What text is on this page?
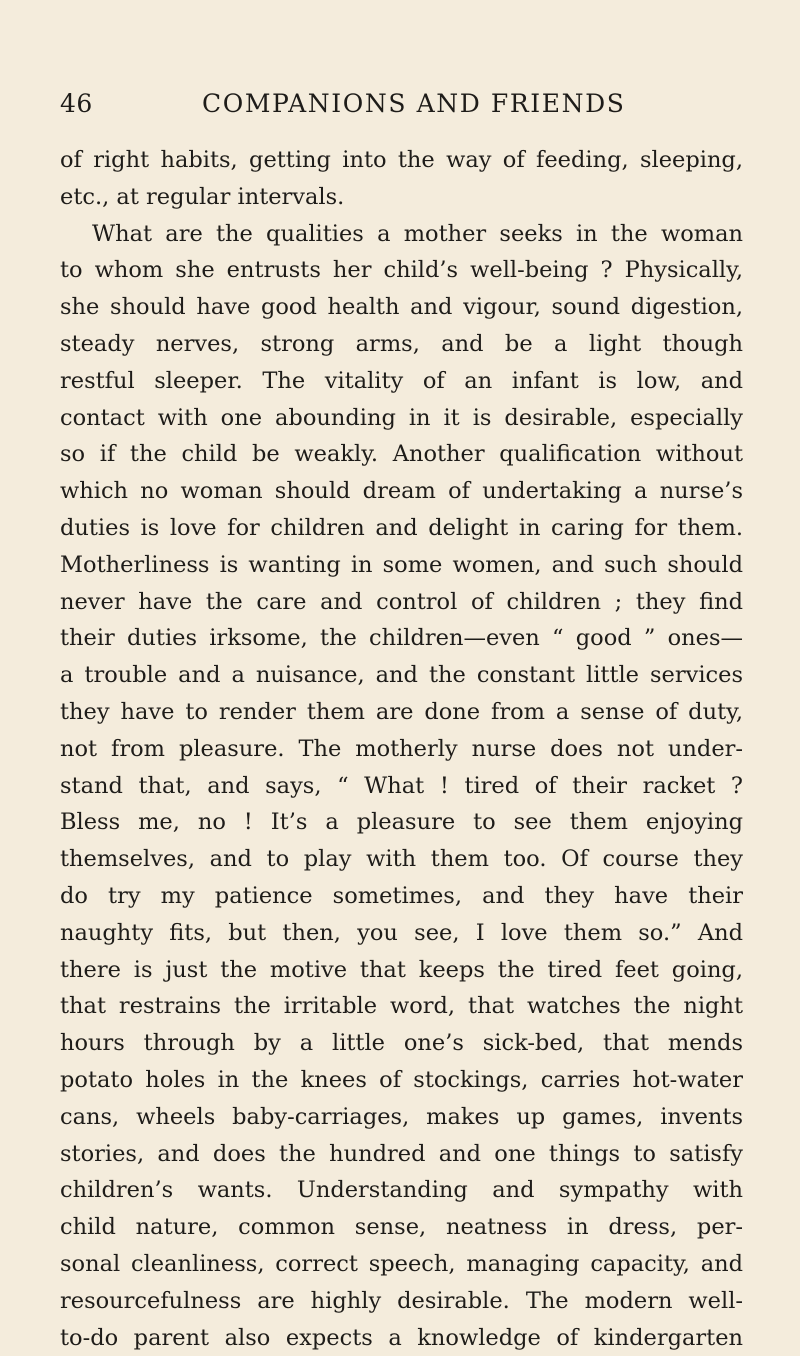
46	COMPANIONS AND FRIENDS
of right habits, getting into the way of feeding, sleeping,
etc., at regular intervals.
What are the qualities a mother seeks in the woman
to whom she entrusts her child’s well-being ? Physically,
she should have good health and vigour, sound digestion,
steady nerves, strong arms, and be a light though
restful sleeper. The vitality of an infant is low, and
contact with one abounding in it is desirable, especially
so if the child be weakly. Another qualification without
which no woman should dream of undertaking a nurse’s
duties is love for children and delight in caring for them.
Motherliness is wanting in some women, and such should
never have the care and control of children ; they find
their duties irksome, the children—even “ good ” ones—
a trouble and a nuisance, and the constant little services
they have to render them are done from a sense of duty,
not from pleasure. The motherly nurse does not under-
stand that, and says, “ What ! tired of their racket ?
Bless me, no ! It’s a pleasure to see them enjoying
themselves, and to play with them too. Of course they
do try my patience sometimes, and they have their
naughty fits, but then, you see, I love them so.” And
there is just the motive that keeps the tired feet going,
that restrains the irritable word, that watches the night
hours through by a little one’s sick-bed, that mends
potato holes in the knees of stockings, carries hot-water
cans, wheels baby-carriages, makes up games, invents
stories, and does the hundred and one things to satisfy
children’s wants. Understanding and sympathy with
child nature, common sense, neatness in dress, per-
sonal cleanliness, correct speech, managing capacity, and
resourcefulness are highly desirable. The modern well-
to-do parent also expects a knowledge of kindergarten
